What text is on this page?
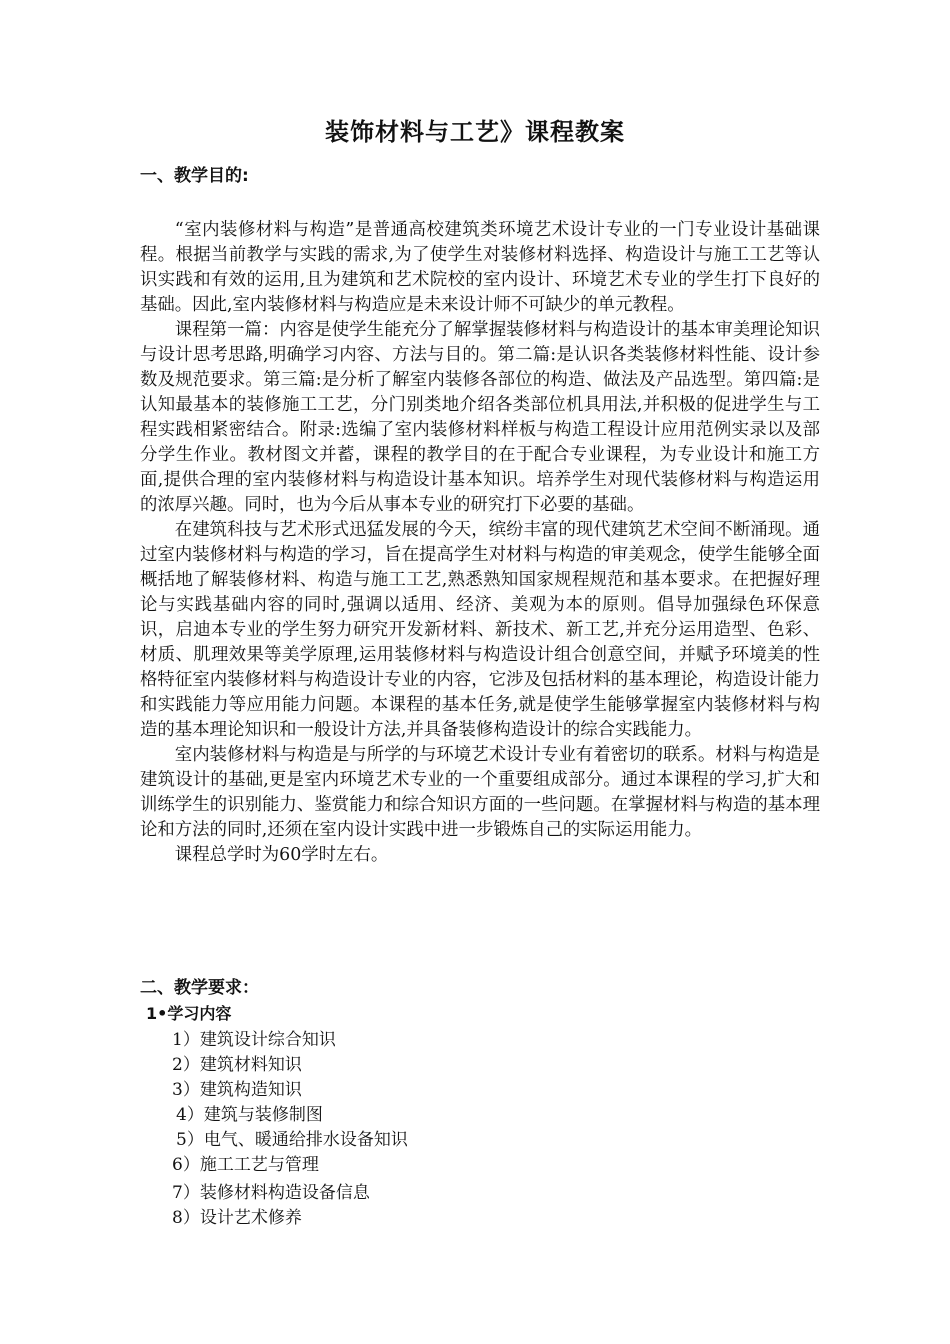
装饰材料与工艺》课程教案
一、教学目的:

“室内装修材料与构造”是普通高校建筑类环境艺术设计专业的一门专业设计基础课程。根据当前教学与实践的需求,为了使学生对装修材料选择、构造设计与施工工艺等认识实践和有效的运用,且为建筑和艺术院校的室内设计、环境艺术专业的学生打下良好的基础。因此,室内装修材料与构造应是未来设计师不可缺少的单元教程。

课程第一篇：内容是使学生能充分了解掌握装修材料与构造设计的基本审美理论知识与设计思考思路,明确学习内容、方法与目的。第二篇:是认识各类装修材料性能、设计参数及规范要求。第三篇:是分析了解室内装修各部位的构造、做法及产品选型。第四篇:是认知最基本的装修施工工艺，分门别类地介绍各类部位机具用法,并积极的促进学生与工程实践相紧密结合。附录:选编了室内装修材料样板与构造工程设计应用范例实录以及部分学生作业。教材图文并蓄，课程的教学目的在于配合专业课程，为专业设计和施工方面,提供合理的室内装修材料与构造设计基本知识。培养学生对现代装修材料与构造运用的浓厚兴趣。同时，也为今后从事本专业的研究打下必要的基础。

在建筑科技与艺术形式迅猛发展的今天，缤纷丰富的现代建筑艺术空间不断涌现。通过室内装修材料与构造的学习，旨在提高学生对材料与构造的审美观念，使学生能够全面概括地了解装修材料、构造与施工工艺,熟悉熟知国家规程规范和基本要求。在把握好理论与实践基础内容的同时,强调以适用、经济、美观为本的原则。倡导加强绿色环保意识，启迪本专业的学生努力研究开发新材料、新技术、新工艺,并充分运用造型、色彩、材质、肌理效果等美学原理,运用装修材料与构造设计组合创意空间，并赋予环境美的性格特征室内装修材料与构造设计专业的内容，它涉及包括材料的基本理论，构造设计能力和实践能力等应用能力问题。本课程的基本任务,就是使学生能够掌握室内装修材料与构造的基本理论知识和一般设计方法,并具备装修构造设计的综合实践能力。

室内装修材料与构造是与所学的与环境艺术设计专业有着密切的联系。材料与构造是建筑设计的基础,更是室内环境艺术专业的一个重要组成部分。通过本课程的学习,扩大和训练学生的识别能力、鉴赏能力和综合知识方面的一些问题。在掌握材料与构造的基本理论和方法的同时,还须在室内设计实践中进一步锻炼自己的实际运用能力。

课程总学时为60学时左右。

二、教学要求：
1•学习内容
1）建筑设计综合知识
2）建筑材料知识
3）建筑构造知识
4）建筑与装修制图
5）电气、暖通给排水设备知识
6）施工工艺与管理
7）装修材料构造设备信息
8）设计艺术修养
